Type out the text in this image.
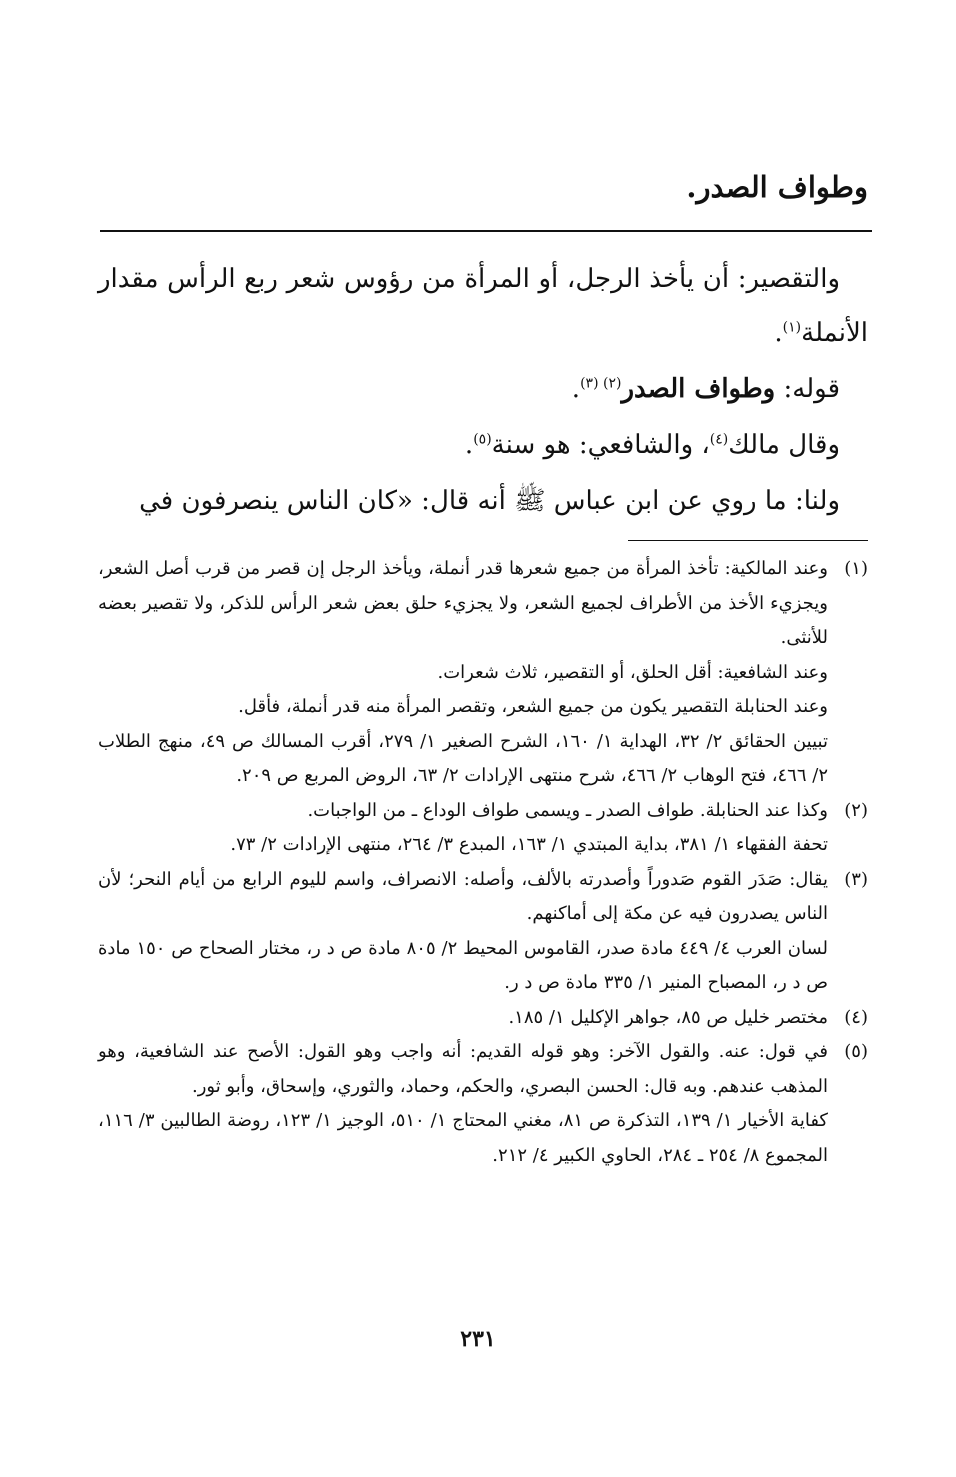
وطواف الصدر.

والتقصير: أن يأخذ الرجل، أو المرأة من رؤوس شعر ربع الرأس مقدار الأنملة$^{(١)}$.

قوله: وطواف الصدر$^{(٢) (٣)}$.

وقال مالك$^{(٤)}$، والشافعي: هو سنة$^{(٥)}$.

ولنا: ما روي عن ابن عباس ﷺ أنه قال: «كان الناس ينصرفون في

(١)

وعند المالكية: تأخذ المرأة من جميع شعرها قدر أنملة، ويأخذ الرجل إن قصر من قرب أصل الشعر، ويجزيء الأخذ من الأطراف لجميع الشعر، ولا يجزيء حلق بعض شعر الرأس للذكر، ولا تقصير بعضه للأنثى.

وعند الشافعية: أقل الحلق، أو التقصير، ثلاث شعرات.

وعند الحنابلة التقصير يكون من جميع الشعر، وتقصر المرأة منه قدر أنملة، فأقل.

تبيين الحقائق ٢/ ٣٢، الهداية ١/ ١٦٠، الشرح الصغير ١/ ٢٧٩، أقرب المسالك ص ٤٩، منهج الطلاب ٢/ ٤٦٦، فتح الوهاب ٢/ ٤٦٦، شرح منتهى الإرادات ٢/ ٦٣، الروض المربع ص ٢٠٩.

(٢)

وكذا عند الحنابلة. طواف الصدر ـ ويسمى طواف الوداع ـ من الواجبات.

تحفة الفقهاء ١/ ٣٨١، بداية المبتدي ١/ ١٦٣، المبدع ٣/ ٢٦٤، منتهى الإرادات ٢/ ٧٣.

(٣)

يقال: صَدَر القوم صَدوراً وأصدرته بالألف، وأصله: الانصراف، واسم لليوم الرابع من أيام النحر؛ لأن الناس يصدرون فيه عن مكة إلى أماكنهم.

لسان العرب ٤/ ٤٤٩ مادة صدر، القاموس المحيط ٢/ ٨٠٥ مادة ص د ر، مختار الصحاح ص ١٥٠ مادة ص د ر، المصباح المنير ١/ ٣٣٥ مادة ص د ر.

(٤)

مختصر خليل ص ٨٥، جواهر الإكليل ١/ ١٨٥.

(٥)

في قول: عنه. والقول الآخر: وهو قوله القديم: أنه واجب وهو القول: الأصح عند الشافعية، وهو المذهب عندهم. وبه قال: الحسن البصري، والحكم، وحماد، والثوري، وإسحاق، وأبو ثور.

كفاية الأخيار ١/ ١٣٩، التذكرة ص ٨١، مغني المحتاج ١/ ٥١٠، الوجيز ١/ ١٢٣، روضة الطالبين ٣/ ١١٦، المجموع ٨/ ٢٥٤ ـ ٢٨٤، الحاوي الكبير ٤/ ٢١٢.

٢٣١
